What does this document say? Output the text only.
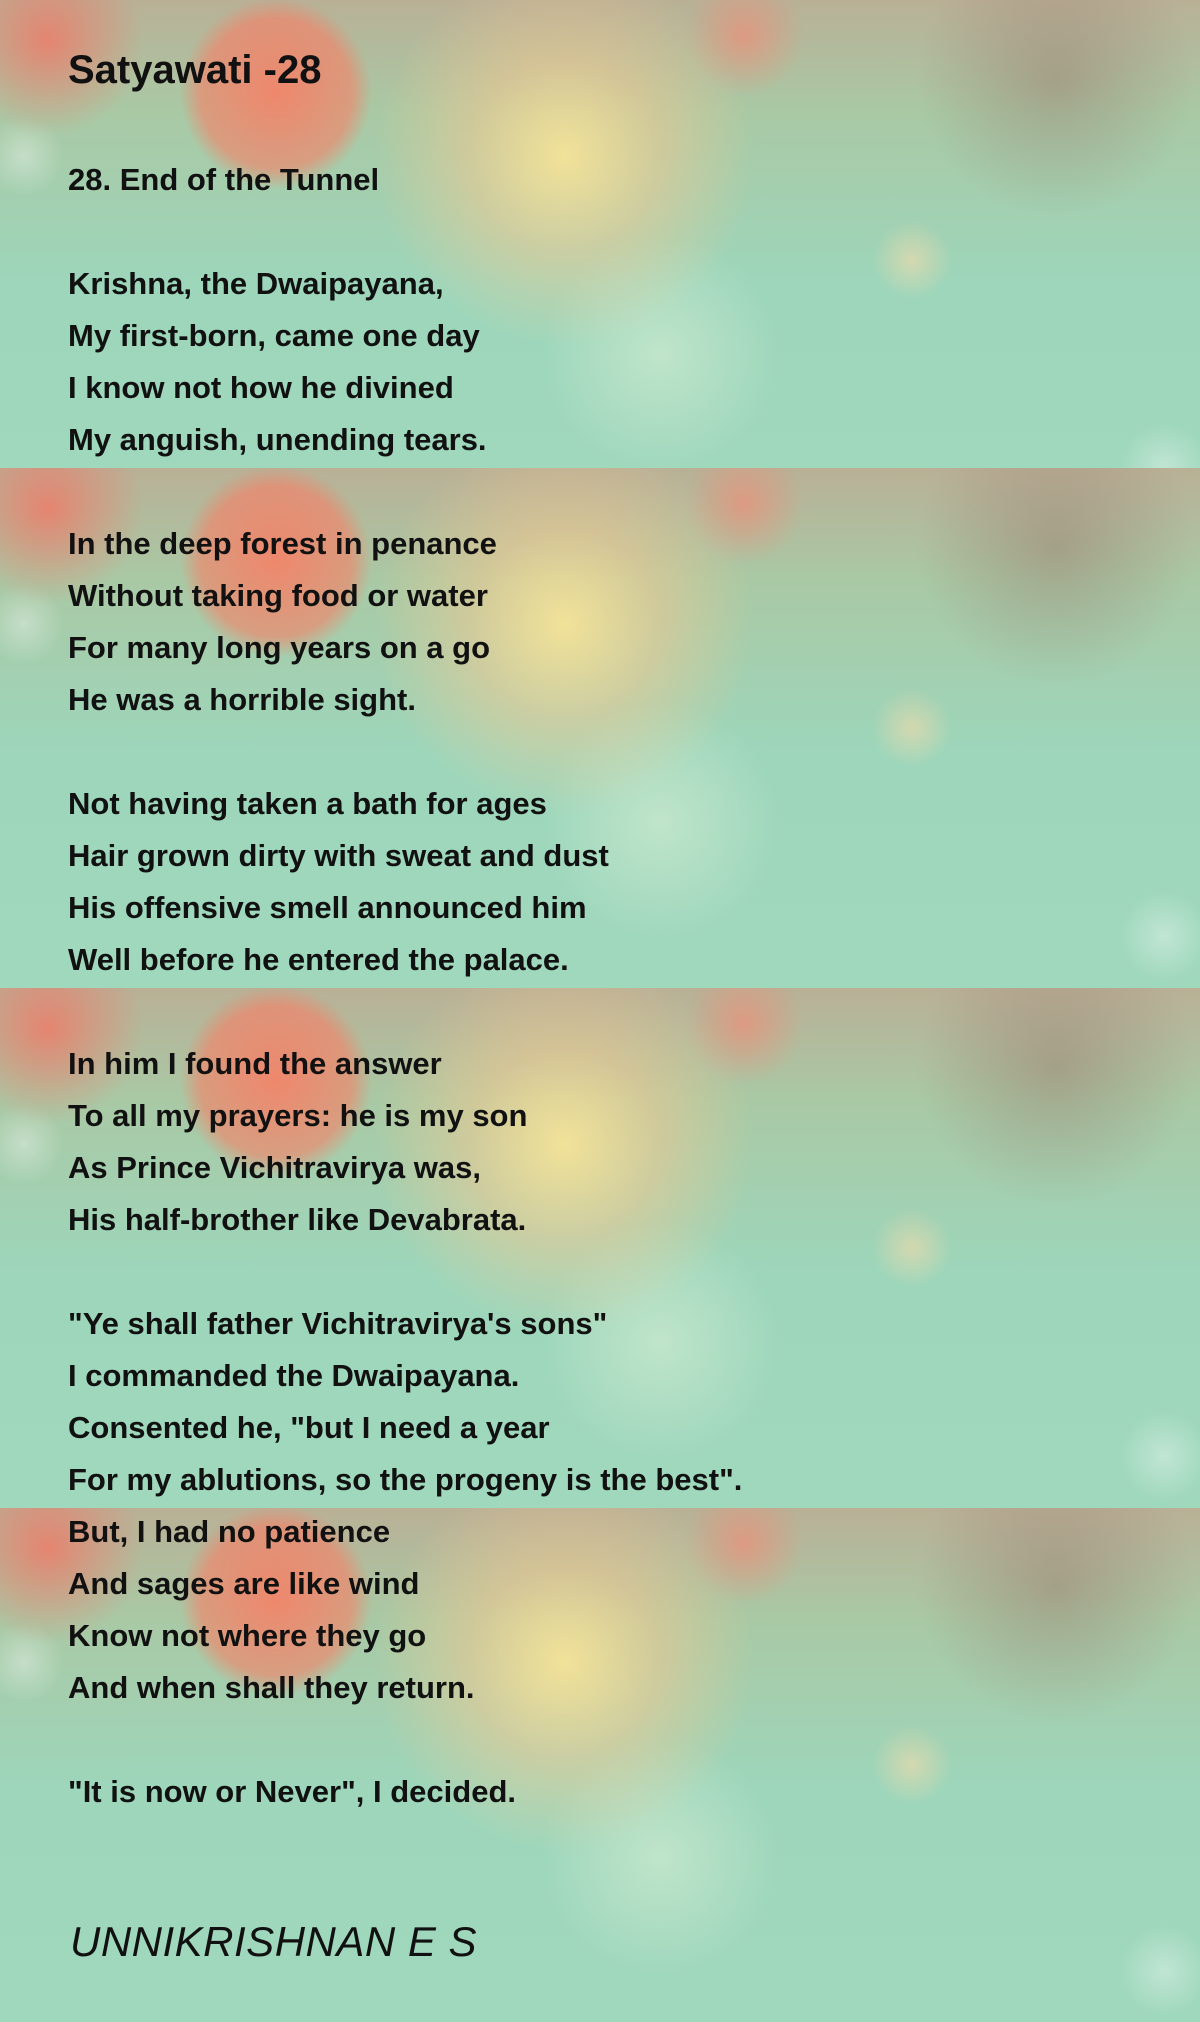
Satyawati -28
28. End of the Tunnel
Krishna, the Dwaipayana,
My first-born, came one day
I know not how he divined
My anguish, unending tears.
In the deep forest in penance
Without taking food or water
For many long years on a go
He was a horrible sight.
Not having taken a bath for ages
Hair grown dirty with sweat and dust
His offensive smell announced him
Well before he entered the palace.
In him I found the answer
To all my prayers: he is my son
As Prince Vichitravirya was,
His half-brother like Devabrata.
"Ye shall father Vichitravirya's sons"
I commanded the Dwaipayana.
Consented he, "but I need a year
For my ablutions, so the progeny is the best".
But, I had no patience
And sages are like wind
Know not where they go
And when shall they return.
"It is now or Never", I decided.
UNNIKRISHNAN E S
